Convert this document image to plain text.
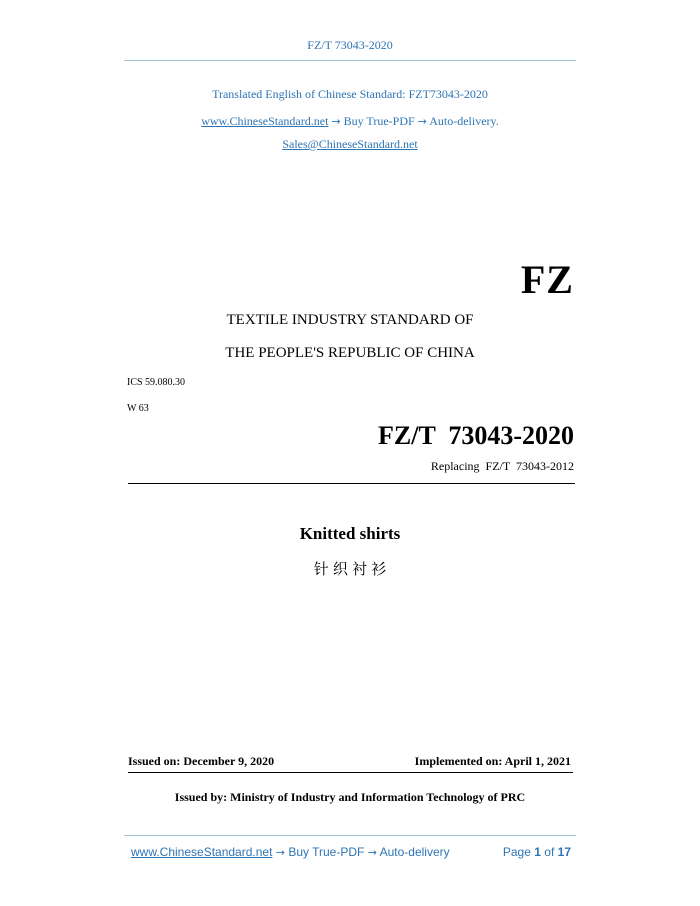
FZ/T 73043-2020
Translated English of Chinese Standard: FZT73043-2020
www.ChineseStandard.net → Buy True-PDF → Auto-delivery.
Sales@ChineseStandard.net
FZ
TEXTILE INDUSTRY STANDARD OF
THE PEOPLE'S REPUBLIC OF CHINA
ICS 59.080.30
W 63
FZ/T  73043-2020
Replacing  FZ/T  73043-2012
Knitted shirts
针 织 衬 衫
Issued on: December 9, 2020	Implemented on: April 1, 2021
Issued by: Ministry of Industry and Information Technology of PRC
www.ChineseStandard.net → Buy True-PDF → Auto-delivery	Page 1 of 17
